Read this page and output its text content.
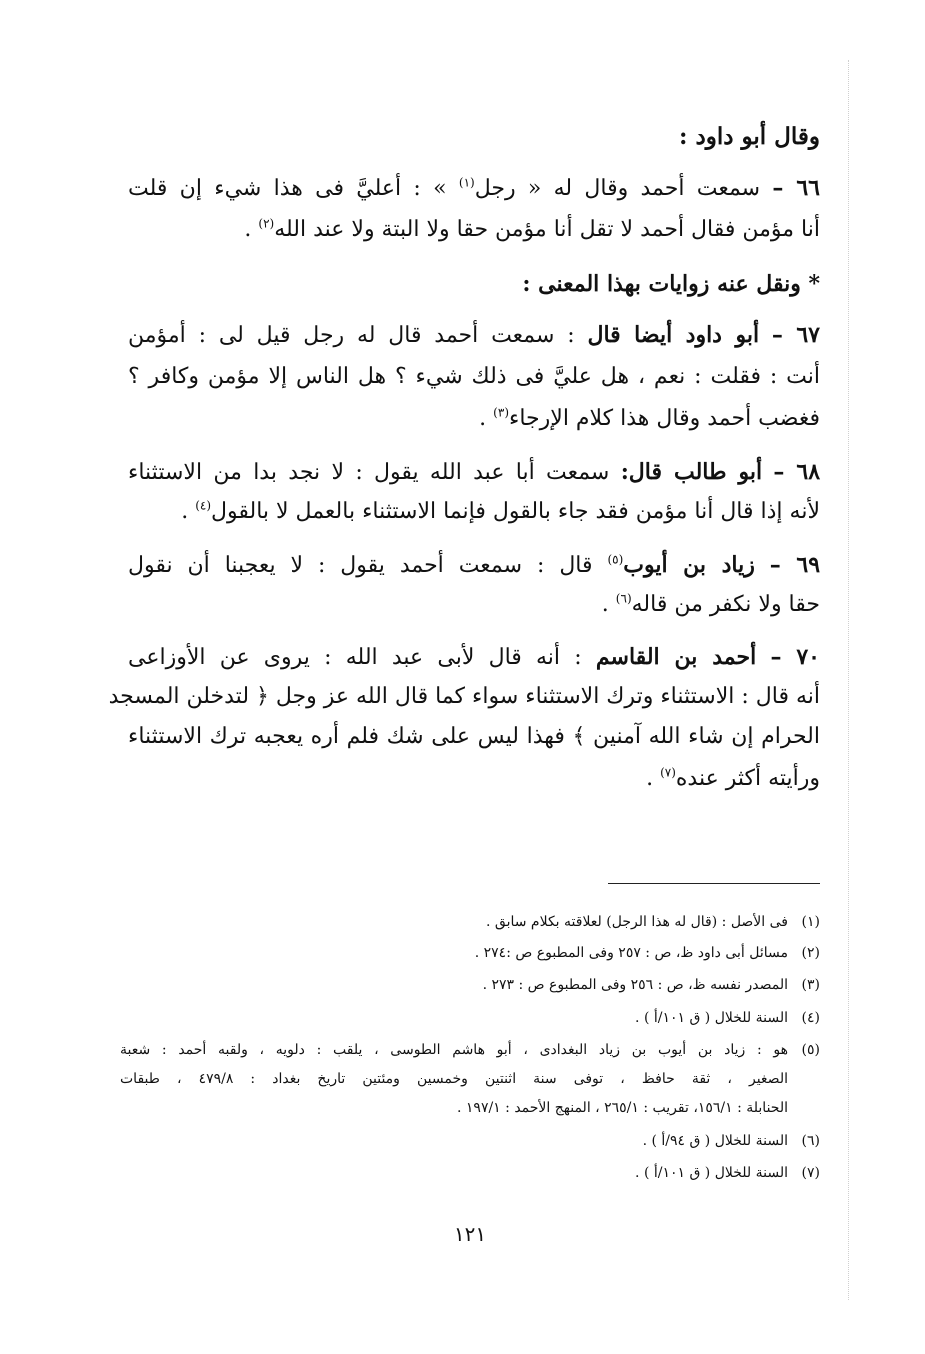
وقال أبو داود :
٦٦ – سمعت أحمد وقال له « رجل$^{(١)}$ » : أعليَّ فى هذا شيء إن قلت
أنا مؤمن فقال أحمد لا تقل أنا مؤمن حقا ولا البتة ولا عند الله$^{(٢)}$ .
* ونقل عنه زوايات بهذا المعنى :
٦٧ – أبو داود أيضا قال : سمعت أحمد قال له رجل قيل لى : أمؤمن
أنت : فقلت : نعم ، هل عليَّ فى ذلك شيء ؟ هل الناس إلا مؤمن وكافر ؟
فغضب أحمد وقال هذا كلام الإرجاء$^{(٣)}$ .
٦٨ – أبو طالب قال: سمعت أبا عبد الله يقول : لا نجد بدا من الاستثناء
لأنه إذا قال أنا مؤمن فقد جاء بالقول فإنما الاستثناء بالعمل لا بالقول$^{(٤)}$ .
٦٩ – زياد بن أيوب$^{(٥)}$ قال : سمعت أحمد يقول : لا يعجبنا أن نقول
حقا ولا نكفر من قاله$^{(٦)}$ .
٧٠ – أحمد بن القاسم : أنه قال لأبى عبد الله : يروى عن الأوزاعى
أنه قال : الاستثناء وترك الاستثناء سواء كما قال الله عز وجل ﴿ لتدخلن المسجد
الحرام إن شاء الله آمنين ﴾ فهذا ليس على شك فلم أره يعجبه ترك الاستثناء
ورأيته أكثر عنده$^{(٧)}$ .
(١)فى الأصل : (قال له هذا الرجل) لعلاقته بكلام سابق .
(٢)مسائل أبى داود ظ، ص : ٢٥٧ وفى المطبوع ص :٢٧٤ .
(٣)المصدر نفسه ظ، ص : ٢٥٦ وفى المطبوع ص : ٢٧٣ .
(٤)السنة للخلال ( ق ١٠١/أ ) .
(٥)هو : زياد بن أيوب بن زياد البغدادى ، أبو هاشم الطوسى ، يلقب : دلويه ، ولقبه أحمد : شعبة
الصغير ، ثقة حافظ ، توفى سنة اثنتين وخمسين ومئتين تاريخ بغداد : ٤٧٩/٨ ، طبقات
الحنابلة : ١٥٦/١، تقريب : ٢٦٥/١ ، المنهج الأحمد : ١٩٧/١ .
(٦)السنة للخلال ( ق ٩٤/أ ) .
(٧)السنة للخلال ( ق ١٠١/أ ) .
١٢١
